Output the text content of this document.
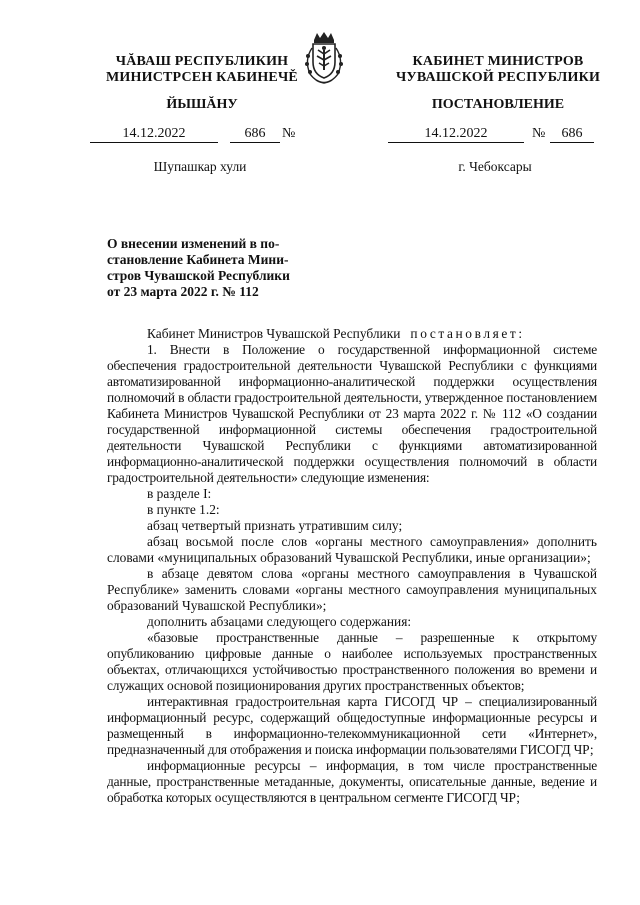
ЧĂВАШ РЕСПУБЛИКИН
МИНИСТРСЕН КАБИНЕЧĚ
ЙЫШĂНУ
КАБИНЕТ МИНИСТРОВ
ЧУВАШСКОЙ РЕСПУБЛИКИ
ПОСТАНОВЛЕНИЕ
14.12.2022	686	№	14.12.2022	№	686
Шупашкар хули	г. Чебоксары
О внесении изменений в по-
становление Кабинета Мини-
стров Чувашской Республики
от 23 марта 2022 г. № 112

Кабинет Министров Чувашской Республики постановляет:

1. Внести в Положение о государственной информационной системе обеспечения градостроительной деятельности Чувашской Республики с функциями автоматизированной информационно-аналитической поддержки осуществления полномочий в области градостроительной деятельности, утвержденное постановлением Кабинета Министров Чувашской Республики от 23 марта 2022 г. № 112 «О создании государственной информационной системы обеспечения градостроительной деятельности Чувашской Республики с функциями автоматизированной информационно-аналитической поддержки осуществления полномочий в области градостроительной деятельности» следующие изменения:

в разделе I:

в пункте 1.2:

абзац четвертый признать утратившим силу;

абзац восьмой после слов «органы местного самоуправления» дополнить словами «муниципальных образований Чувашской Республики, иные организации»;

в абзаце девятом слова «органы местного самоуправления в Чувашской Республике» заменить словами «органы местного самоуправления муниципальных образований Чувашской Республики»;

дополнить абзацами следующего содержания:

«базовые пространственные данные – разрешенные к открытому опубликованию цифровые данные о наиболее используемых пространственных объектах, отличающихся устойчивостью пространственного положения во времени и служащих основой позиционирования других пространственных объектов;

интерактивная градостроительная карта ГИСОГД ЧР – специализированный информационный ресурс, содержащий общедоступные информационные ресурсы и размещенный в информационно-телекоммуникационной сети «Интернет», предназначенный для отображения и поиска информации пользователями ГИСОГД ЧР;

информационные ресурсы – информация, в том числе пространственные данные, пространственные метаданные, документы, описательные данные, ведение и обработка которых осуществляются в центральном сегменте ГИСОГД ЧР;
